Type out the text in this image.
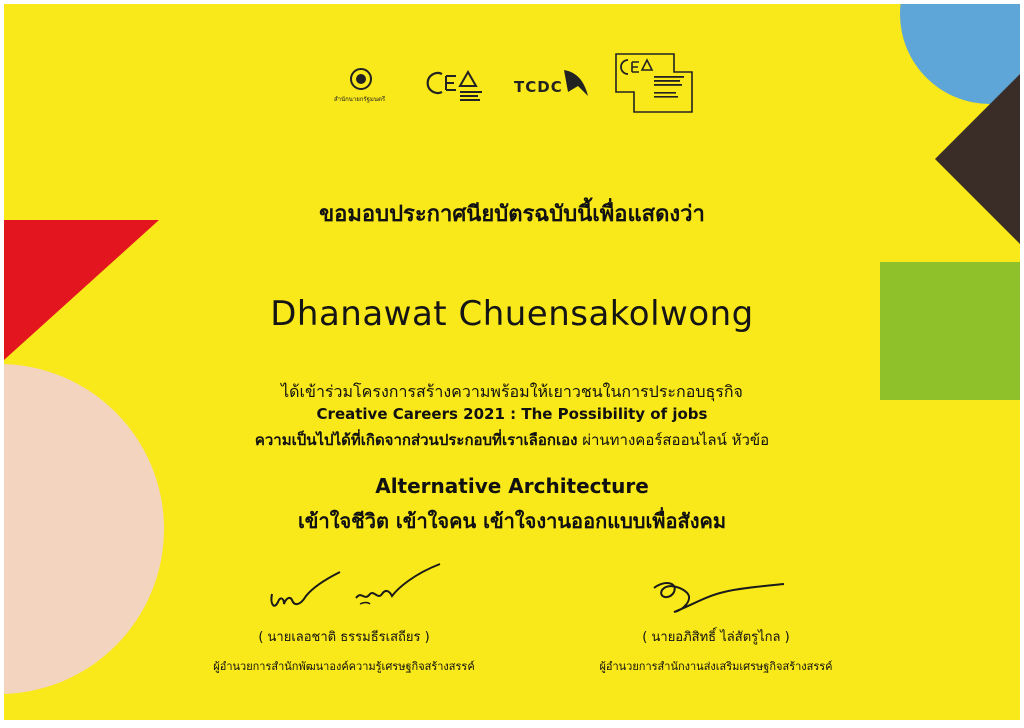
สำนักนายกรัฐมนตรี
TCDC
ขอมอบประกาศนียบัตรฉบับนี้เพื่อแสดงว่า
Dhanawat Chuensakolwong
ได้เข้าร่วมโครงการสร้างความพร้อมให้เยาวชนในการประกอบธุรกิจ
Creative Careers 2021 : The Possibility of jobs
ความเป็นไปได้ที่เกิดจากส่วนประกอบที่เราเลือกเอง ผ่านทางคอร์สออนไลน์ หัวข้อ
Alternative Architecture
เข้าใจชีวิต เข้าใจคน เข้าใจงานออกแบบเพื่อสังคม
( นายเลอชาติ ธรรมธีรเสถียร )
ผู้อำนวยการสำนักพัฒนาองค์ความรู้เศรษฐกิจสร้างสรรค์
( นายอภิสิทธิ์ ไล่สัตรูไกล )
ผู้อำนวยการสำนักงานส่งเสริมเศรษฐกิจสร้างสรรค์
